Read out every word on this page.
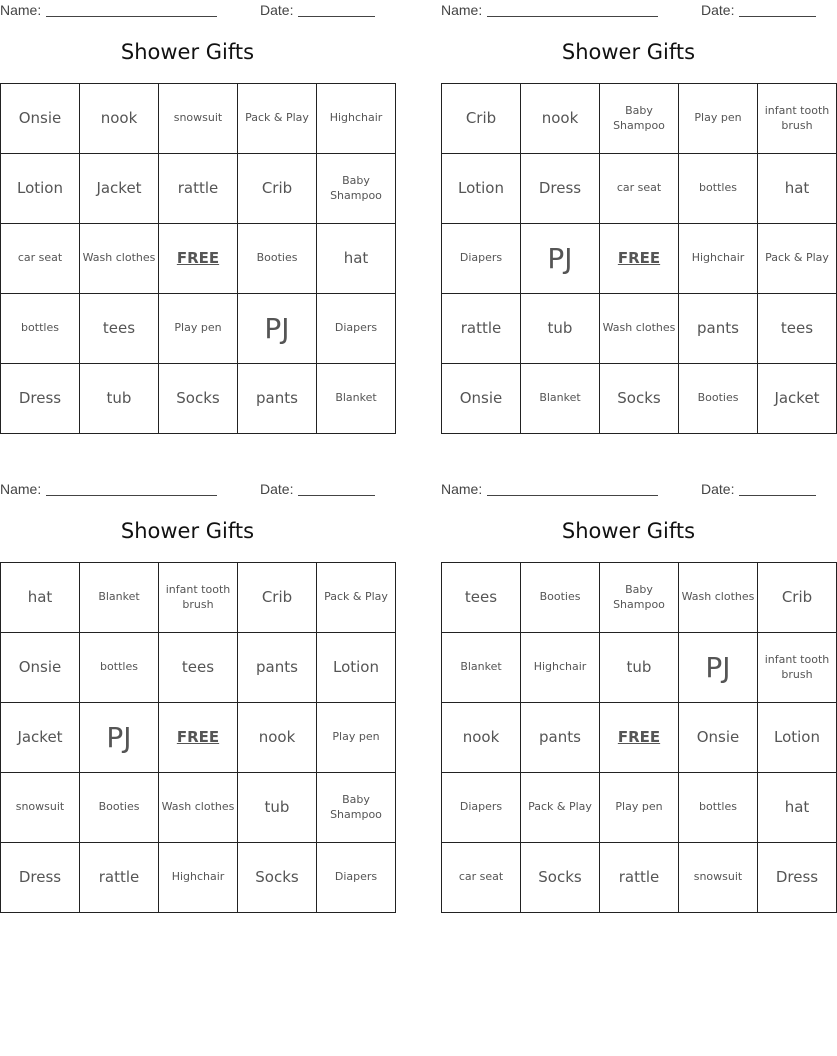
Name:	Date:
Shower Gifts
Onsie	nook	snowsuit	Pack & Play	Highchair
Lotion	Jacket	rattle	Crib	Baby Shampoo
car seat	Wash clothes	FREE	Booties	hat
bottles	tees	Play pen	PJ	Diapers
Dress	tub	Socks	pants	Blanket
Name:	Date:
Shower Gifts
Crib	nook	Baby Shampoo	Play pen	infant tooth brush
Lotion	Dress	car seat	bottles	hat
Diapers	PJ	FREE	Highchair	Pack & Play
rattle	tub	Wash clothes	pants	tees
Onsie	Blanket	Socks	Booties	Jacket
Name:	Date:
Shower Gifts
hat	Blanket	infant tooth brush	Crib	Pack & Play
Onsie	bottles	tees	pants	Lotion
Jacket	PJ	FREE	nook	Play pen
snowsuit	Booties	Wash clothes	tub	Baby Shampoo
Dress	rattle	Highchair	Socks	Diapers
Name:	Date:
Shower Gifts
tees	Booties	Baby Shampoo	Wash clothes	Crib
Blanket	Highchair	tub	PJ	infant tooth brush
nook	pants	FREE	Onsie	Lotion
Diapers	Pack & Play	Play pen	bottles	hat
car seat	Socks	rattle	snowsuit	Dress
